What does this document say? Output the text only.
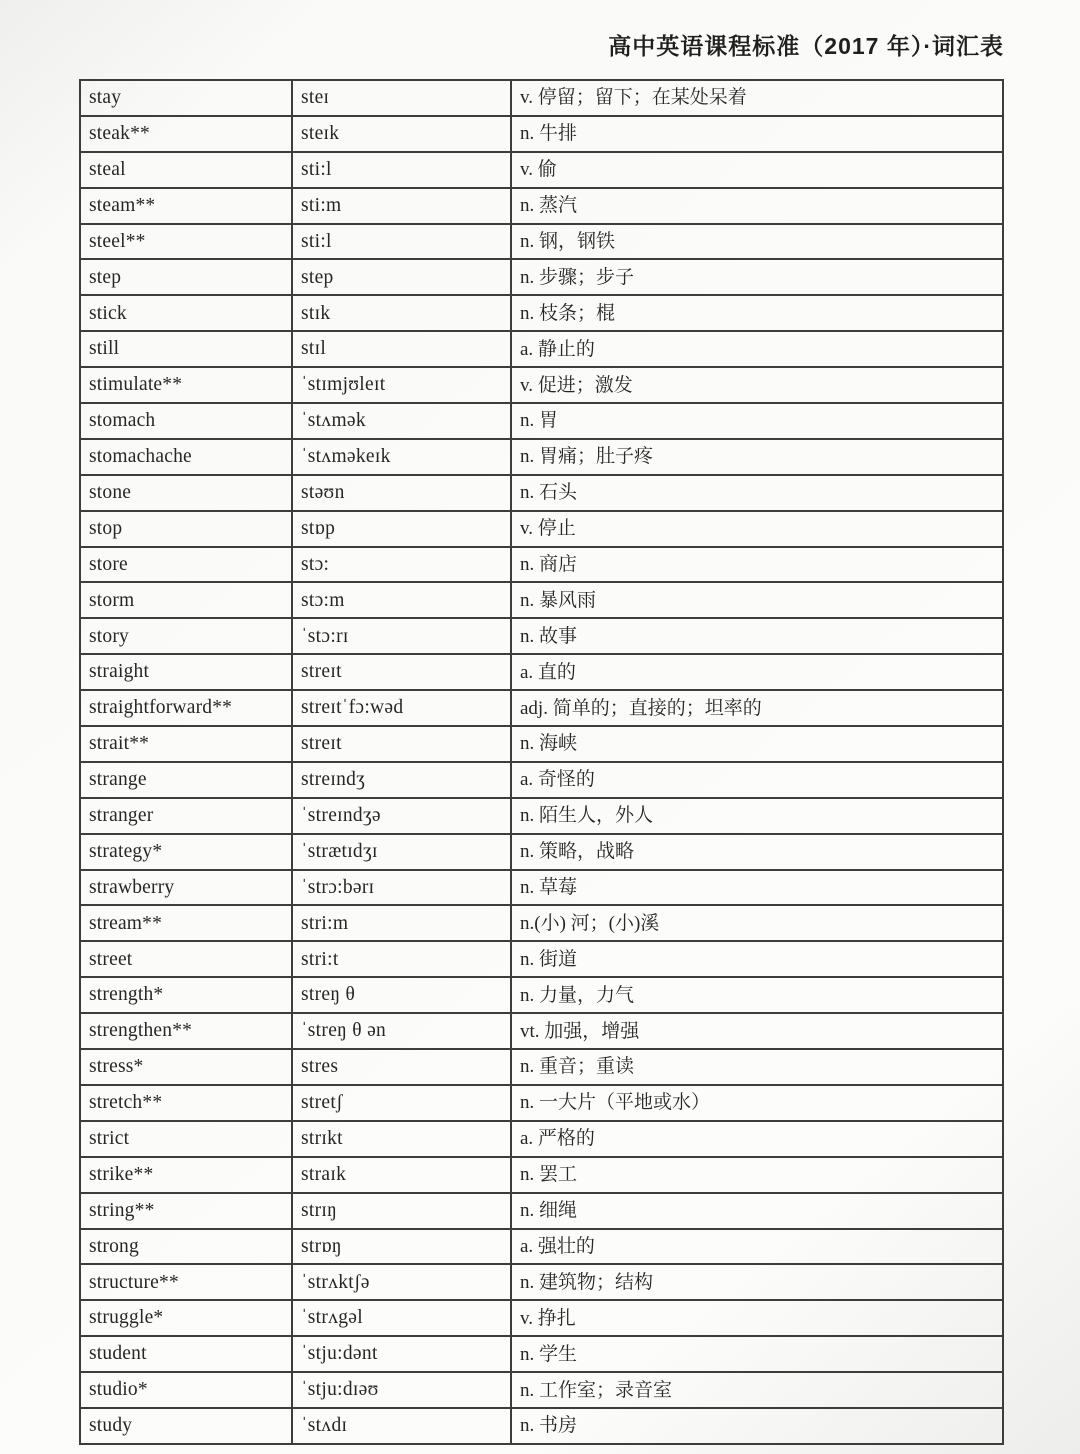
高中英语课程标准（2017 年）·词汇表
stay	steɪ	v. 停留；留下；在某处呆着
steak**	steɪk	n. 牛排
steal	sti:l	v. 偷
steam**	sti:m	n. 蒸汽
steel**	sti:l	n. 钢，钢铁
step	step	n. 步骤；步子
stick	stɪk	n. 枝条；棍
still	stɪl	a. 静止的
stimulate**	ˈstɪmjʊleɪt	v. 促进；激发
stomach	ˈstʌmək	n. 胃
stomachache	ˈstʌməkeɪk	n. 胃痛；肚子疼
stone	stəʊn	n. 石头
stop	stɒp	v. 停止
store	stɔ:	n. 商店
storm	stɔ:m	n. 暴风雨
story	ˈstɔ:rɪ	n. 故事
straight	streɪt	a. 直的
straightforward**	streɪtˈfɔ:wəd	adj. 简单的；直接的；坦率的
strait**	streɪt	n. 海峡
strange	streɪndʒ	a. 奇怪的
stranger	ˈstreɪndʒə	n. 陌生人，外人
strategy*	ˈstrætɪdʒɪ	n. 策略，战略
strawberry	ˈstrɔ:bərɪ	n. 草莓
stream**	stri:m	n.(小) 河；(小)溪
street	stri:t	n. 街道
strength*	streŋ θ	n. 力量，力气
strengthen**	ˈstreŋ θ ən	vt. 加强，增强
stress*	stres	n. 重音；重读
stretch**	stretʃ	n. 一大片（平地或水）
strict	strɪkt	a. 严格的
strike**	straɪk	n. 罢工
string**	strɪŋ	n. 细绳
strong	strɒŋ	a. 强壮的
structure**	ˈstrʌktʃə	n. 建筑物；结构
struggle*	ˈstrʌgəl	v. 挣扎
student	ˈstju:dənt	n. 学生
studio*	ˈstju:dɪəʊ	n. 工作室；录音室
study	ˈstʌdɪ	n. 书房
